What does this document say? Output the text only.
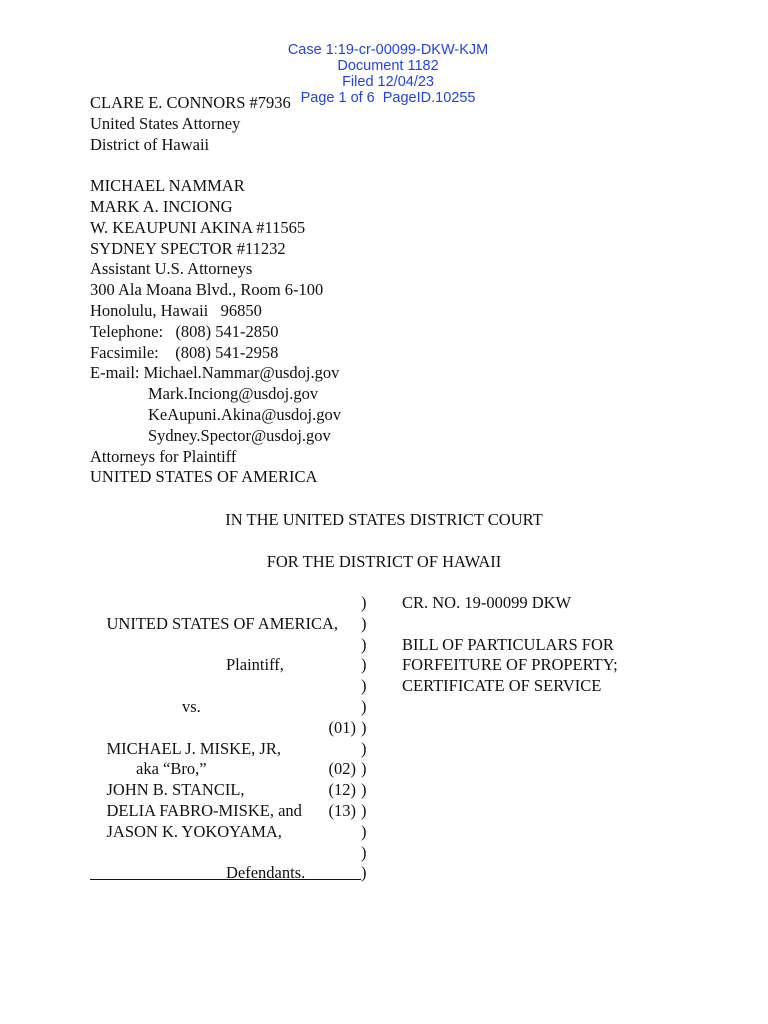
Case 1:19-cr-00099-DKW-KJM
Document 1182
Filed 12/04/23
Page 1 of 6 PageID.10255

CLARE E. CONNORS #7936
United States Attorney
District of Hawaii
MICHAEL NAMMAR
MARK A. INCIONG
W. KEAUPUNI AKINA #11565
SYDNEY SPECTOR #11232
Assistant U.S. Attorneys
300 Ala Moana Blvd., Room 6-100
Honolulu, Hawaii   96850
Telephone:   (808) 541-2850
Facsimile:    (808) 541-2958
E-mail: Michael.Nammar@usdoj.gov
Mark.Inciong@usdoj.gov
KeAupuni.Akina@usdoj.gov
Sydney.Spector@usdoj.gov
Attorneys for Plaintiff
UNITED STATES OF AMERICA
IN THE UNITED STATES DISTRICT COURT
FOR THE DISTRICT OF HAWAII

UNITED STATES OF AMERICA,

)

)

Plaintiff,

)

)

vs.

)

)

MICHAEL J. MISKE, JR,

(01)

)

aka “Bro,”

)

JOHN B. STANCIL,

(02)

)

DELIA FABRO-MISKE, and

(12)

)

JASON K. YOKOYAMA,

(13)

)

)

Defendants.

)

)

CR. NO. 19-00099 DKW
BILL OF PARTICULARS FOR
FORFEITURE OF PROPERTY;
CERTIFICATE OF SERVICE
